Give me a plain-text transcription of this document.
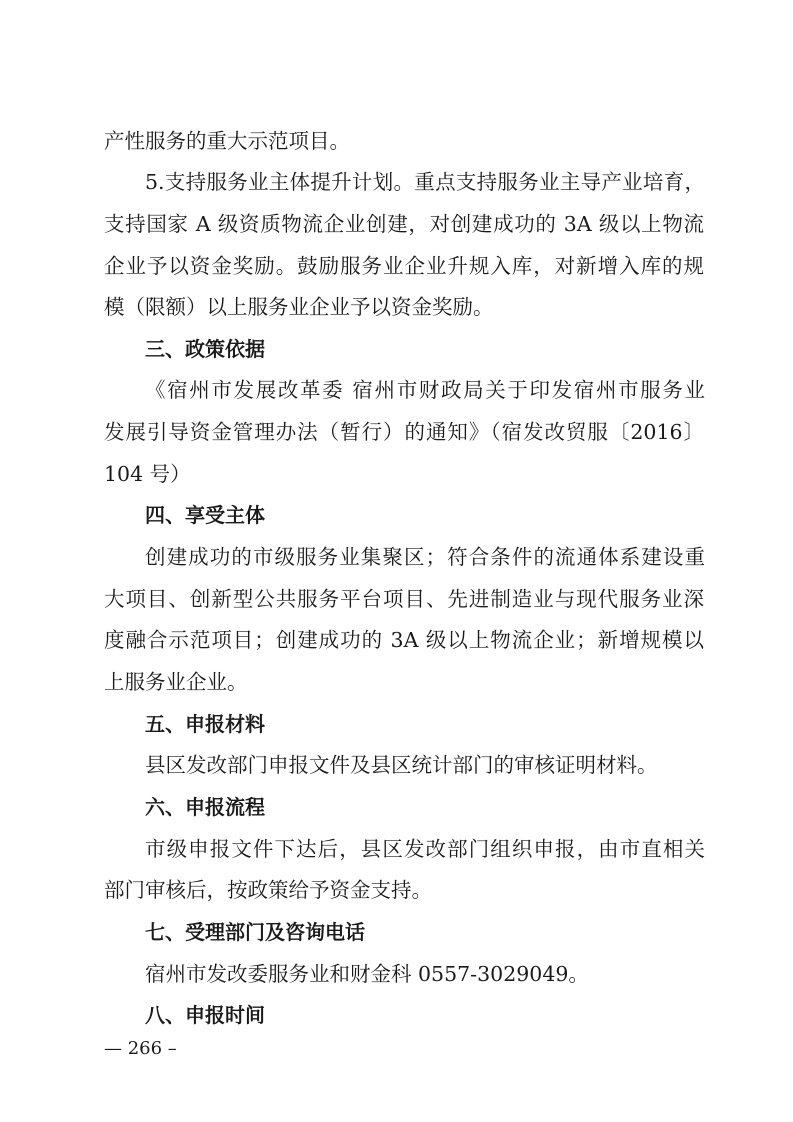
产性服务的重大示范项目。
5.支持服务业主体提升计划。重点支持服务业主导产业培育，
支持国家 A 级资质物流企业创建，对创建成功的 3A 级以上物流
企业予以资金奖励。鼓励服务业企业升规入库，对新增入库的规
模（限额）以上服务业企业予以资金奖励。
三、政策依据
《宿州市发展改革委 宿州市财政局关于印发宿州市服务业
发展引导资金管理办法（暂行）的通知》（宿发改贸服〔2016〕
104 号）
四、享受主体
创建成功的市级服务业集聚区；符合条件的流通体系建设重
大项目、创新型公共服务平台项目、先进制造业与现代服务业深
度融合示范项目；创建成功的 3A 级以上物流企业；新增规模以
上服务业企业。
五、申报材料
县区发改部门申报文件及县区统计部门的审核证明材料。
六、申报流程
市级申报文件下达后，县区发改部门组织申报，由市直相关
部门审核后，按政策给予资金支持。
七、受理部门及咨询电话
宿州市发改委服务业和财金科 0557-3029049。
八、申报时间
— 266 –
